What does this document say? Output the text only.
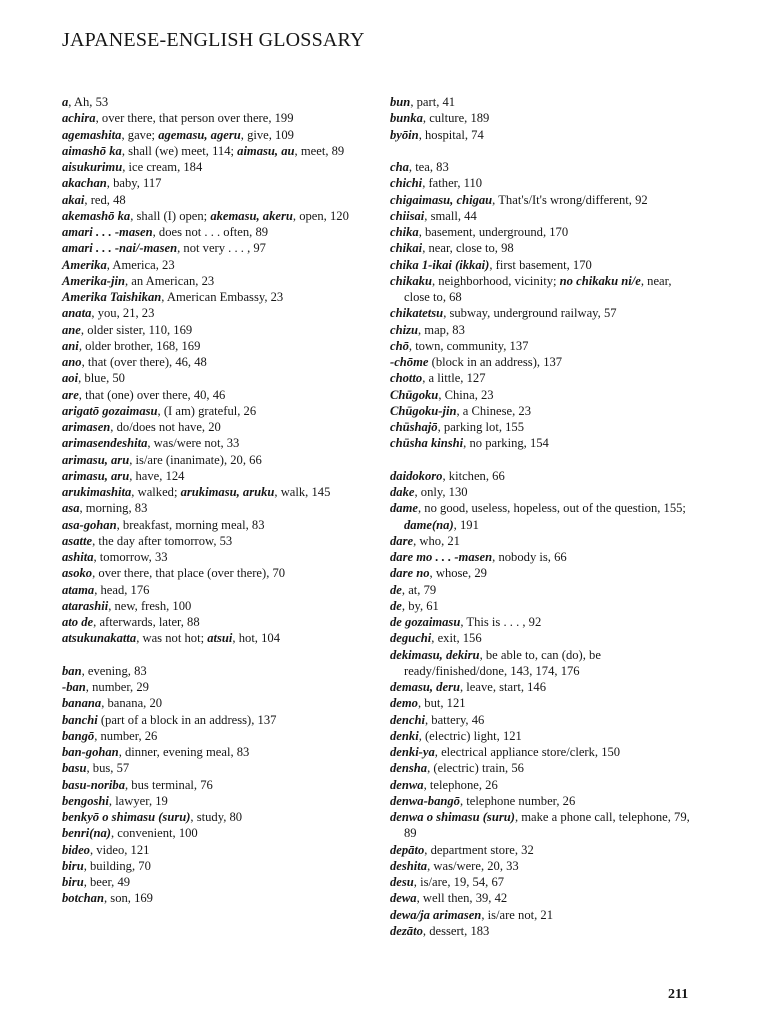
JAPANESE-ENGLISH GLOSSARY

a, Ah, 53

achira, over there, that person over there, 199

agemashita, gave; agemasu, ageru, give, 109

aimashō ka, shall (we) meet, 114; aimasu, au, meet, 89

aisukurimu, ice cream, 184

akachan, baby, 117

akai, red, 48

akemashō ka, shall (I) open; akemasu, akeru, open, 120

amari . . . -masen, does not . . . often, 89

amari . . . -nai/-masen, not very . . . , 97

Amerika, America, 23

Amerika-jin, an American, 23

Amerika Taishikan, American Embassy, 23

anata, you, 21, 23

ane, older sister, 110, 169

ani, older brother, 168, 169

ano, that (over there), 46, 48

aoi, blue, 50

are, that (one) over there, 40, 46

arigatō gozaimasu, (I am) grateful, 26

arimasen, do/does not have, 20

arimasendeshita, was/were not, 33

arimasu, aru, is/are (inanimate), 20, 66

arimasu, aru, have, 124

arukimashita, walked; arukimasu, aruku, walk, 145

asa, morning, 83

asa-gohan, breakfast, morning meal, 83

asatte, the day after tomorrow, 53

ashita, tomorrow, 33

asoko, over there, that place (over there), 70

atama, head, 176

atarashii, new, fresh, 100

ato de, afterwards, later, 88

atsukunakatta, was not hot; atsui, hot, 104

ban, evening, 83

-ban, number, 29

banana, banana, 20

banchi (part of a block in an address), 137

bangō, number, 26

ban-gohan, dinner, evening meal, 83

basu, bus, 57

basu-noriba, bus terminal, 76

bengoshi, lawyer, 19

benkyō o shimasu (suru), study, 80

benri(na), convenient, 100

bideo, video, 121

biru, building, 70

biru, beer, 49

botchan, son, 169

bun, part, 41

bunka, culture, 189

byōin, hospital, 74

cha, tea, 83

chichi, father, 110

chigaimasu, chigau, That's/It's wrong/different, 92

chiisai, small, 44

chika, basement, underground, 170

chikai, near, close to, 98

chika 1-ikai (ikkai), first basement, 170

chikaku, neighborhood, vicinity; no chikaku ni/e, near, close to, 68

chikatetsu, subway, underground railway, 57

chizu, map, 83

chō, town, community, 137

-chōme (block in an address), 137

chotto, a little, 127

Chūgoku, China, 23

Chūgoku-jin, a Chinese, 23

chūshajō, parking lot, 155

chūsha kinshi, no parking, 154

daidokoro, kitchen, 66

dake, only, 130

dame, no good, useless, hopeless, out of the question, 155; dame(na), 191

dare, who, 21

dare mo . . . -masen, nobody is, 66

dare no, whose, 29

de, at, 79

de, by, 61

de gozaimasu, This is . . . , 92

deguchi, exit, 156

dekimasu, dekiru, be able to, can (do), be ready/finished/done, 143, 174, 176

demasu, deru, leave, start, 146

demo, but, 121

denchi, battery, 46

denki, (electric) light, 121

denki-ya, electrical appliance store/clerk, 150

densha, (electric) train, 56

denwa, telephone, 26

denwa-bangō, telephone number, 26

denwa o shimasu (suru), make a phone call, telephone, 79, 89

depāto, department store, 32

deshita, was/were, 20, 33

desu, is/are, 19, 54, 67

dewa, well then, 39, 42

dewa/ja arimasen, is/are not, 21

dezāto, dessert, 183

211
